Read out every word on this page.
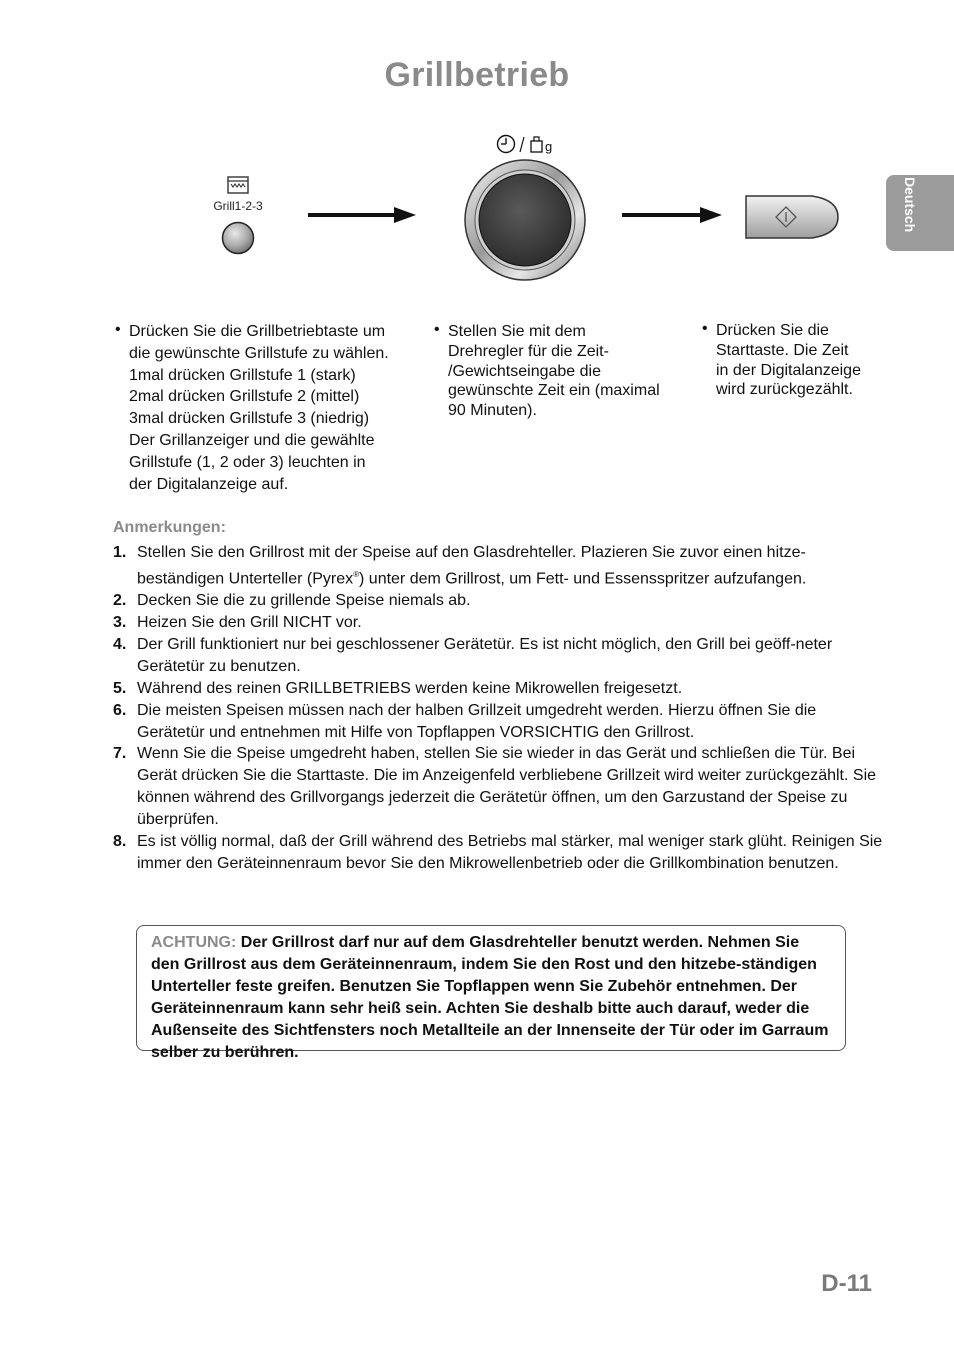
Grillbetrieb
Deutsch
Grill1-2-3
g
• Drücken Sie die Grillbetriebtaste um

die gewünschte Grillstufe zu wählen.

1mal drücken Grillstufe 1 (stark)

2mal drücken Grillstufe 2 (mittel)

3mal drücken Grillstufe 3 (niedrig)

Der Grillanzeiger und die gewählte

Grillstufe (1, 2 oder 3) leuchten in

der Digitalanzeige auf.

• Stellen Sie mit dem

Drehregler für die Zeit-

/Gewichtseingabe die

gewünschte Zeit ein (maximal

90 Minuten).

• Drücken Sie die

Starttaste. Die Zeit

in der Digitalanzeige

wird zurückgezählt.

Anmerkungen:
1. Stellen Sie den Grillrost mit der Speise auf den Glasdrehteller. Plazieren Sie zuvor einen hitze-beständigen Unterteller (Pyrex®) unter dem Grillrost, um Fett- und Essensspritzer aufzufangen.
2. Decken Sie die zu grillende Speise niemals ab.
3. Heizen Sie den Grill NICHT vor.
4. Der Grill funktioniert nur bei geschlossener Gerätetür. Es ist nicht möglich, den Grill bei geöff-neter Gerätetür zu benutzen.
5. Während des reinen GRILLBETRIEBS werden keine Mikrowellen freigesetzt.
6. Die meisten Speisen müssen nach der halben Grillzeit umgedreht werden. Hierzu öffnen Sie die Gerätetür und entnehmen mit Hilfe von Topflappen VORSICHTIG den Grillrost.
7. Wenn Sie die Speise umgedreht haben, stellen Sie sie wieder in das Gerät und schließen die Tür. Bei Gerät drücken Sie die Starttaste. Die im Anzeigenfeld verbliebene Grillzeit wird weiter zurückgezählt. Sie können während des Grillvorgangs jederzeit die Gerätetür öffnen, um den Garzustand der Speise zu überprüfen.
8. Es ist völlig normal, daß der Grill während des Betriebs mal stärker, mal weniger stark glüht. Reinigen Sie immer den Geräteinnenraum bevor Sie den Mikrowellenbetrieb oder die Grillkombination benutzen.
ACHTUNG: Der Grillrost darf nur auf dem Glasdrehteller benutzt werden. Nehmen Sie den Grillrost aus dem Geräteinnenraum, indem Sie den Rost und den hitzebe-ständigen Unterteller feste greifen. Benutzen Sie Topflappen wenn Sie Zubehör entnehmen. Der Geräteinnenraum kann sehr heiß sein. Achten Sie deshalb bitte auch darauf, weder die Außenseite des Sichtfensters noch Metallteile an der Innenseite der Tür oder im Garraum selber zu berühren.
D-11
